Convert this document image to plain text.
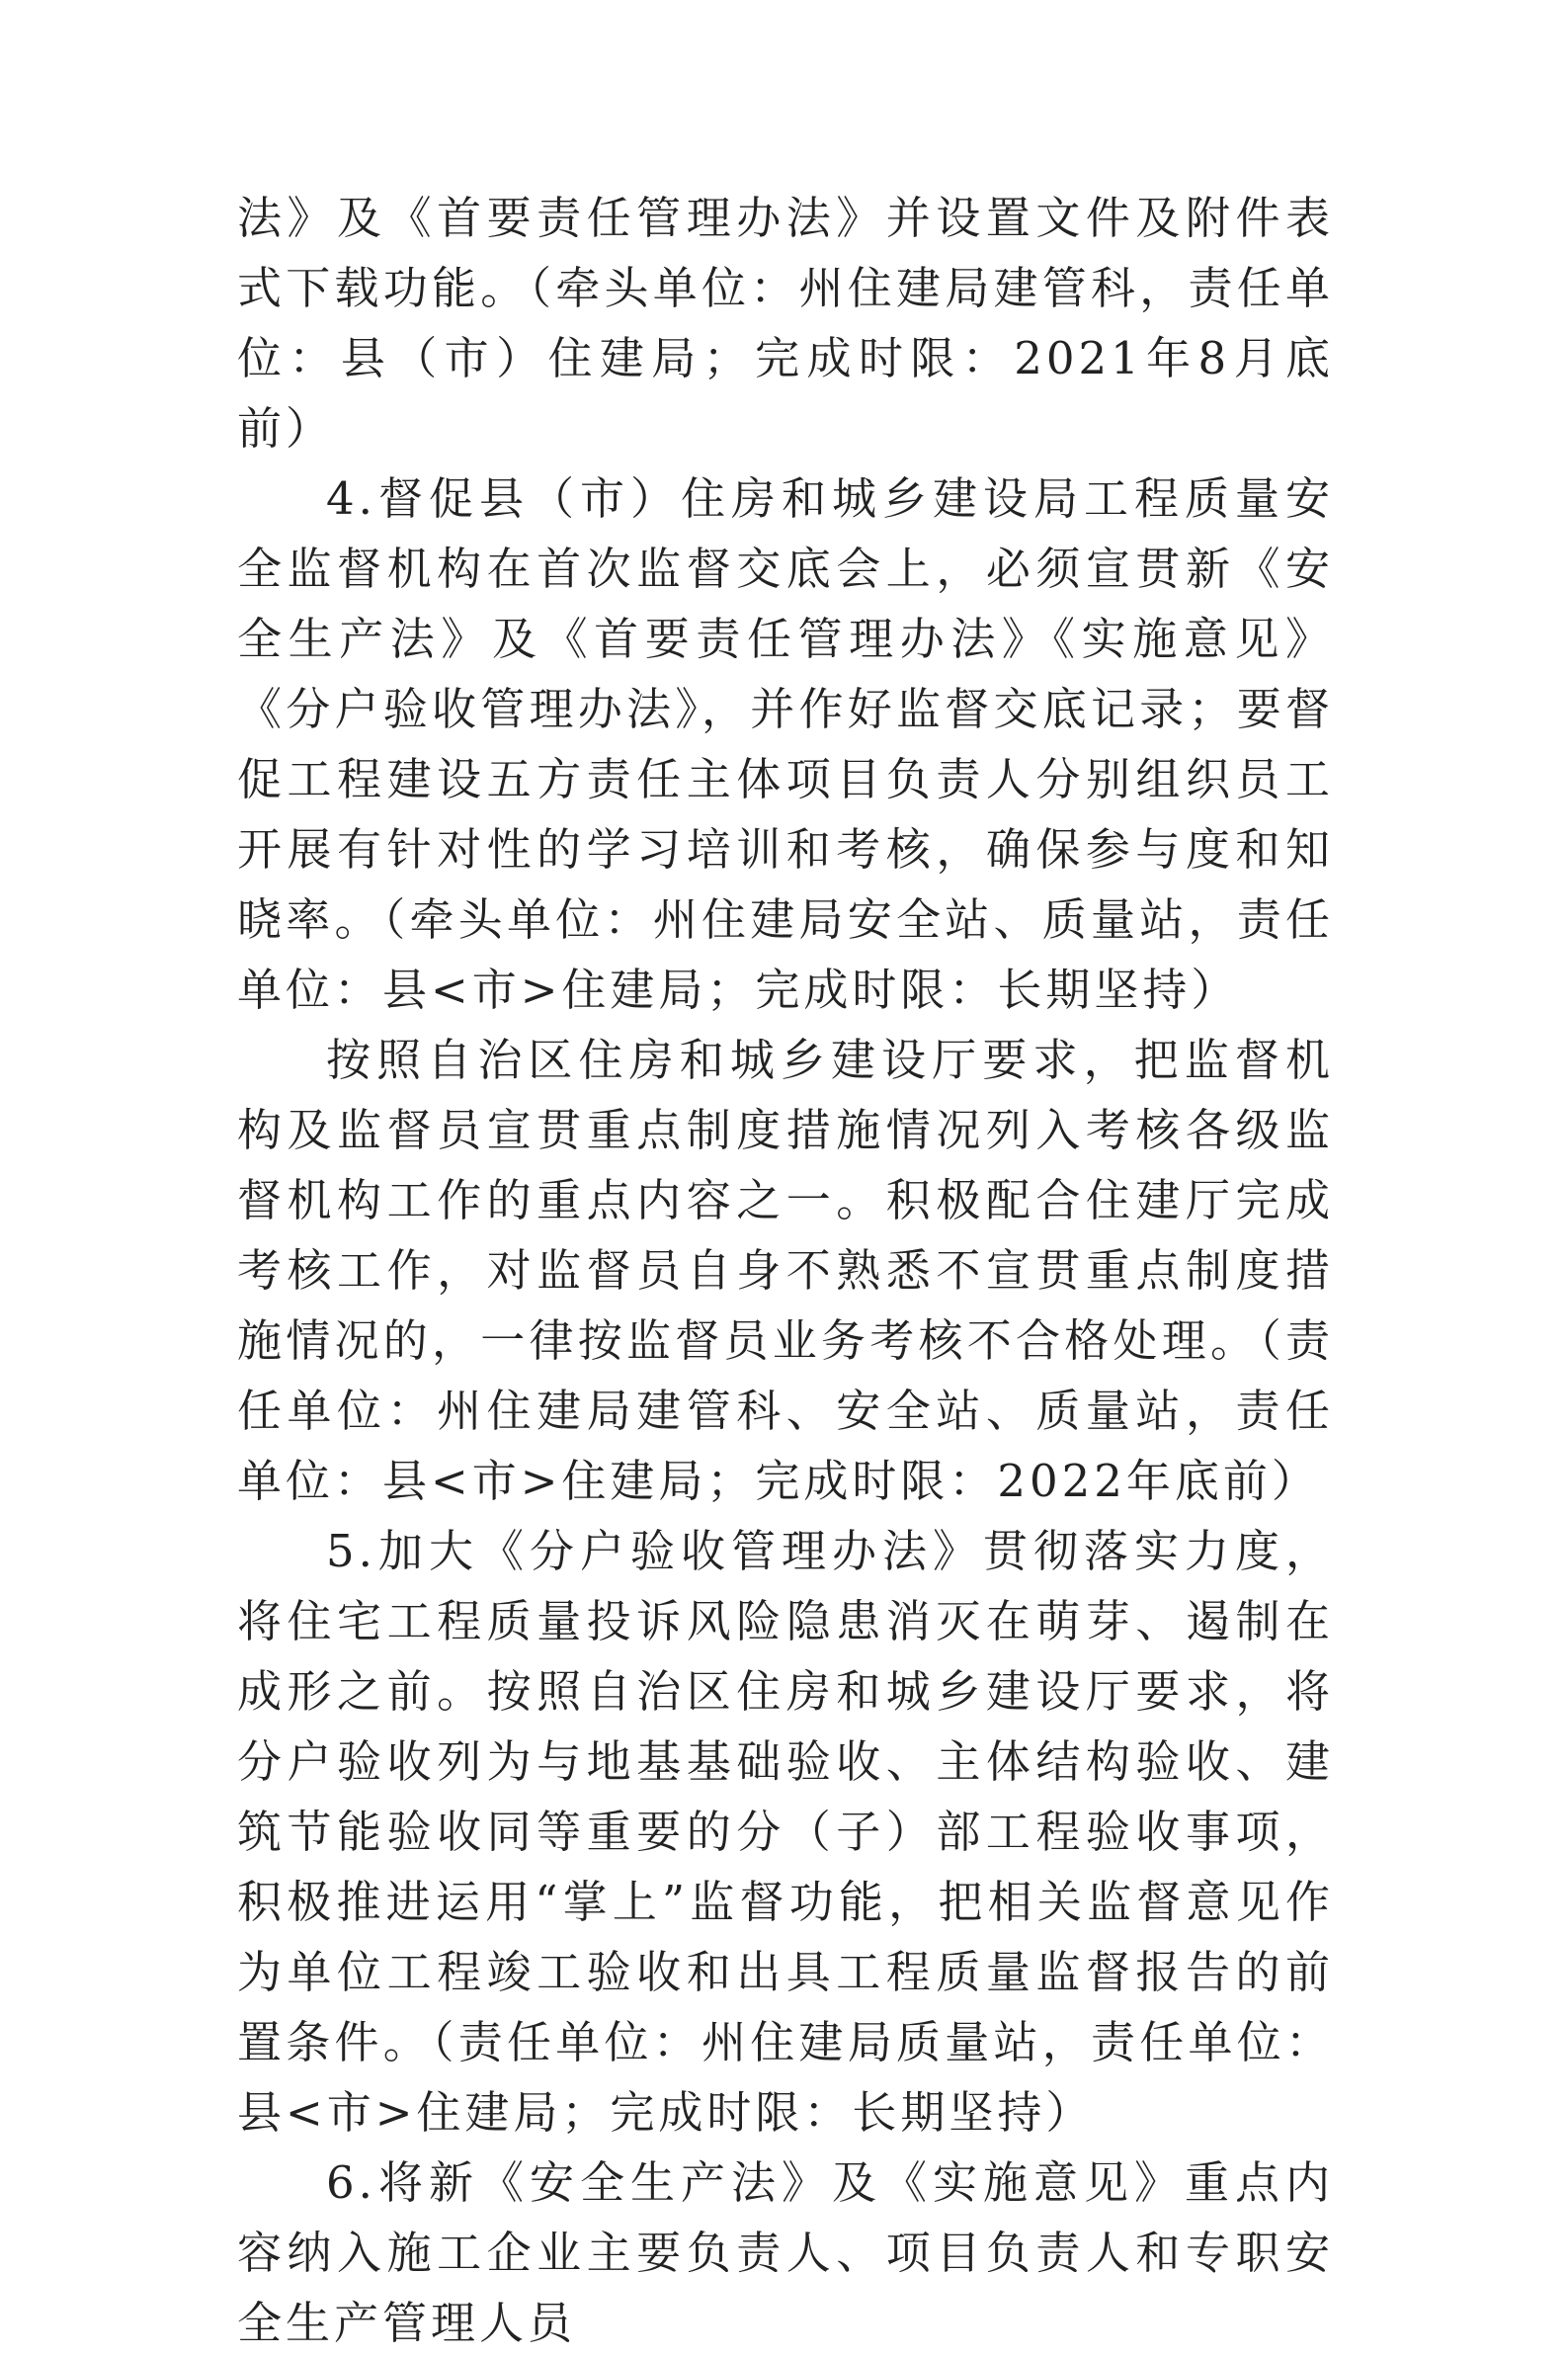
法》及《首要责任管理办法》并设置文件及附件表式下载功能。（牵头单位：州住建局建管科，责任单位：县（市）住建局；完成时限：2021年8月底前）

4.督促县（市）住房和城乡建设局工程质量安全监督机构在首次监督交底会上，必须宣贯新《安全生产法》及《首要责任管理办法》《实施意见》《分户验收管理办法》，并作好监督交底记录；要督促工程建设五方责任主体项目负责人分别组织员工开展有针对性的学习培训和考核，确保参与度和知晓率。（牵头单位：州住建局安全站、质量站，责任单位：县<市>住建局；完成时限：长期坚持）

按照自治区住房和城乡建设厅要求，把监督机构及监督员宣贯重点制度措施情况列入考核各级监督机构工作的重点内容之一。积极配合住建厅完成考核工作，对监督员自身不熟悉不宣贯重点制度措施情况的，一律按监督员业务考核不合格处理。（责任单位：州住建局建管科、安全站、质量站，责任单位：县<市>住建局；完成时限：2022年底前）

5.加大《分户验收管理办法》贯彻落实力度，将住宅工程质量投诉风险隐患消灭在萌芽、遏制在成形之前。按照自治区住房和城乡建设厅要求，将分户验收列为与地基基础验收、主体结构验收、建筑节能验收同等重要的分（子）部工程验收事项，积极推进运用“掌上”监督功能，把相关监督意见作为单位工程竣工验收和出具工程质量监督报告的前置条件。（责任单位：州住建局质量站，责任单位：县<市>住建局；完成时限：长期坚持）

6.将新《安全生产法》及《实施意见》重点内容纳入施工企业主要负责人、项目负责人和专职安全生产管理人员
